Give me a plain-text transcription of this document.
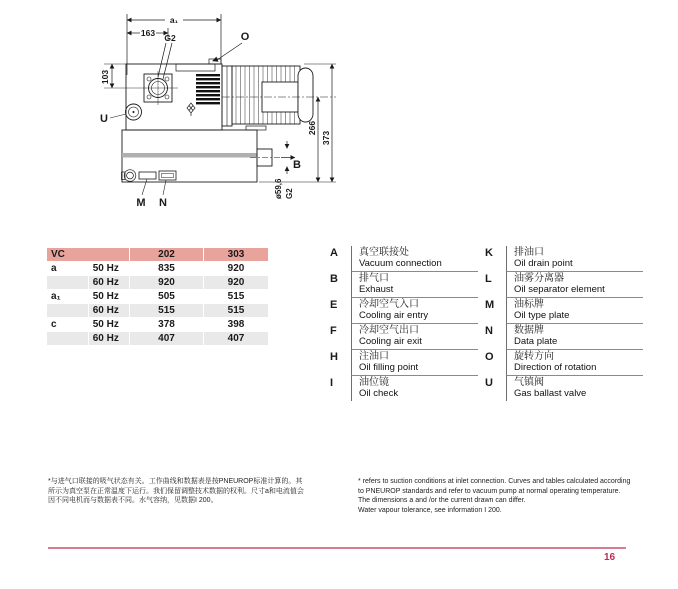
a₁
163 G2	O
103
U
B
M N
266
373
ø59,6 G2
VC		202	303
a	50 Hz	835	920
	60 Hz	920	920
a₁	50 Hz	505	515
	60 Hz	515	515
c	50 Hz	378	398
	60 Hz	407	407
A	真空联接处
Vacuum connection
B	排气口
Exhaust
E	冷却空气入口
Cooling air entry
F	冷却空气出口
Cooling air exit
H	注油口
Oil filling point
I	油位镜
Oil check
K	排油口
Oil drain point
L	油雾分离器
Oil separator element
M	油标牌
Oil type plate
N	数据牌
Data plate
O	旋转方向
Direction of rotation
U	气镇阀
Gas ballast valve
*与进气口联接的吸气状态有关。工作曲线和数据表是按PNEUROP标准计算的。其
所示为真空泵在正常温度下运行。我们保留调整技术数据的权利。尺寸a和电流值会
因不同电机而与数据表不同。水气容纳，见数据I 200。
* refers to suction conditions at inlet connection. Curves and tables calculated according
to PNEUROP standards and refer to vacuum pump at normal operating temperature.
The dimensions a and /or the current drawn can differ.
Water vapour tolerance, see information I 200.
16
